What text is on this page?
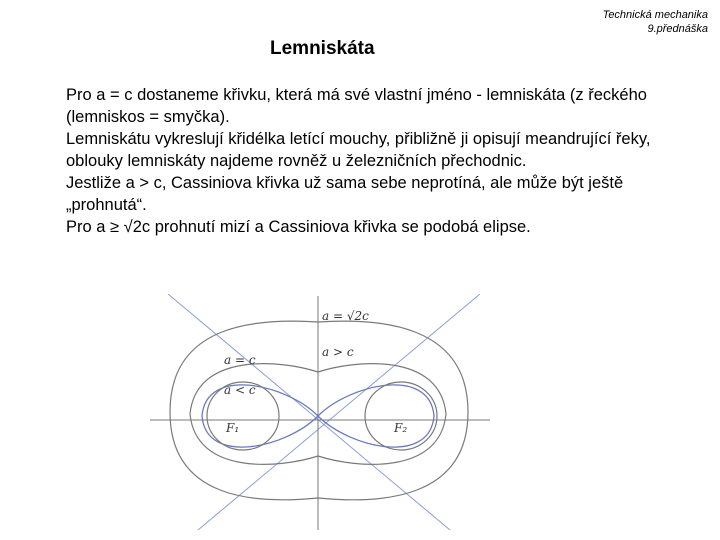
Technická mechanika
9.přednáška
Lemniskáta

Pro a = c dostaneme křivku, která má své vlastní jméno - lemniskáta (z řeckého (lemniskos = smyčka).

Lemniskátu vykreslují křidélka letící mouchy, přibližně ji opisují meandrující řeky, oblouky lemniskáty najdeme rovněž u železničních přechodnic.

Jestliže a > c, Cassiniova křivka už sama sebe neprotíná, ale může být ještě „prohnutá“.

Pro a ≥ √2c prohnutí mizí a Cassiniova křivka se podobá elipse.

a = √2c
a > c
a = c
a < c
F₁	F₂
